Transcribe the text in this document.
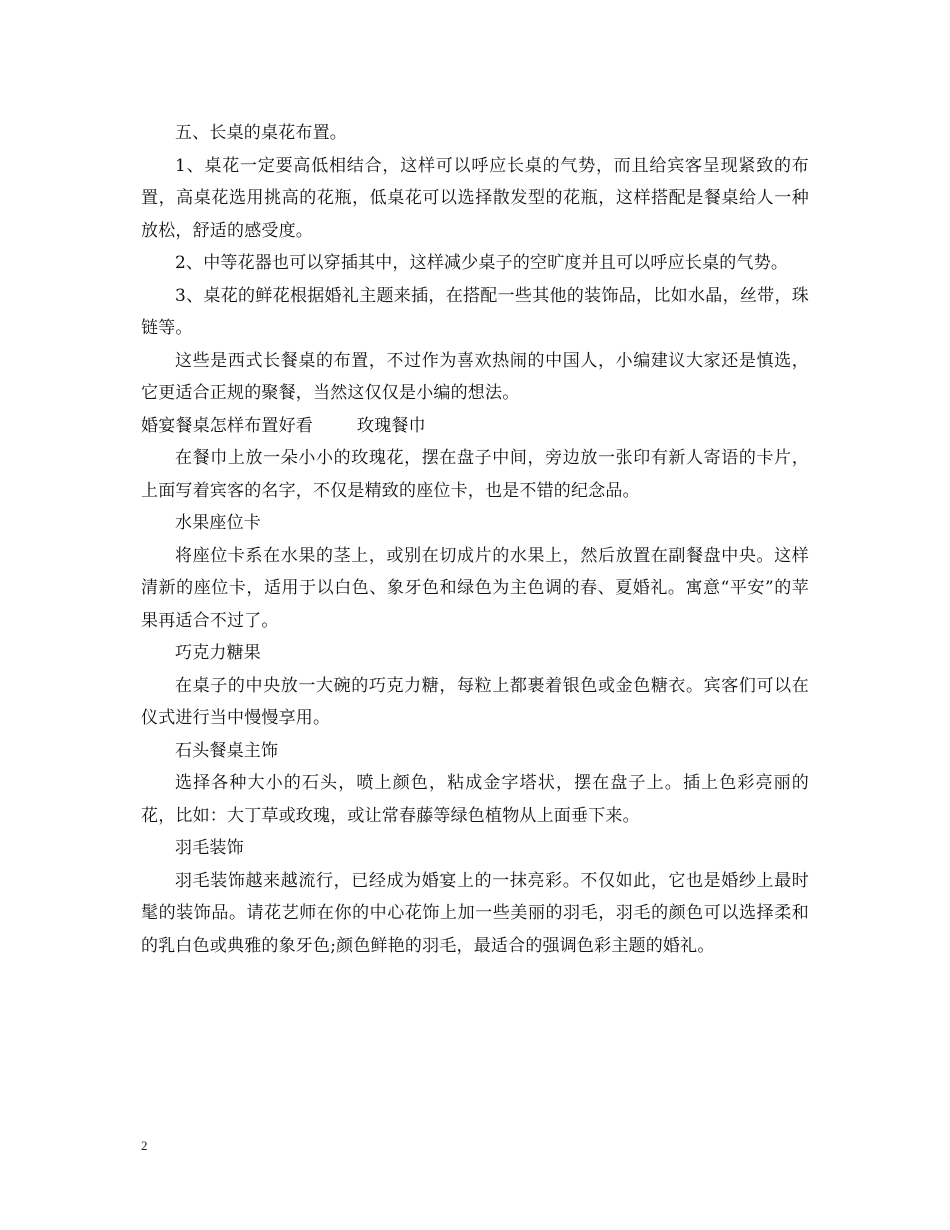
五、长桌的桌花布置。

1、桌花一定要高低相结合，这样可以呼应长桌的气势，而且给宾客呈现紧致的布置，高桌花选用挑高的花瓶，低桌花可以选择散发型的花瓶，这样搭配是餐桌给人一种放松，舒适的感受度。

2、中等花器也可以穿插其中，这样减少桌子的空旷度并且可以呼应长桌的气势。

3、桌花的鲜花根据婚礼主题来插，在搭配一些其他的装饰品，比如水晶，丝带，珠链等。

这些是西式长餐桌的布置，不过作为喜欢热闹的中国人，小编建议大家还是慎选，它更适合正规的聚餐，当然这仅仅是小编的想法。

婚宴餐桌怎样布置好看	玫瑰餐巾

在餐巾上放一朵小小的玫瑰花，摆在盘子中间，旁边放一张印有新人寄语的卡片，上面写着宾客的名字，不仅是精致的座位卡，也是不错的纪念品。

水果座位卡

将座位卡系在水果的茎上，或别在切成片的水果上，然后放置在副餐盘中央。这样清新的座位卡，适用于以白色、象牙色和绿色为主色调的春、夏婚礼。寓意“平安”的苹果再适合不过了。

巧克力糖果

在桌子的中央放一大碗的巧克力糖，每粒上都裹着银色或金色糖衣。宾客们可以在仪式进行当中慢慢享用。

石头餐桌主饰

选择各种大小的石头，喷上颜色，粘成金字塔状，摆在盘子上。插上色彩亮丽的花，比如：大丁草或玫瑰，或让常春藤等绿色植物从上面垂下来。

羽毛装饰

羽毛装饰越来越流行，已经成为婚宴上的一抹亮彩。不仅如此，它也是婚纱上最时髦的装饰品。请花艺师在你的中心花饰上加一些美丽的羽毛，羽毛的颜色可以选择柔和的乳白色或典雅的象牙色;颜色鲜艳的羽毛，最适合的强调色彩主题的婚礼。

2
